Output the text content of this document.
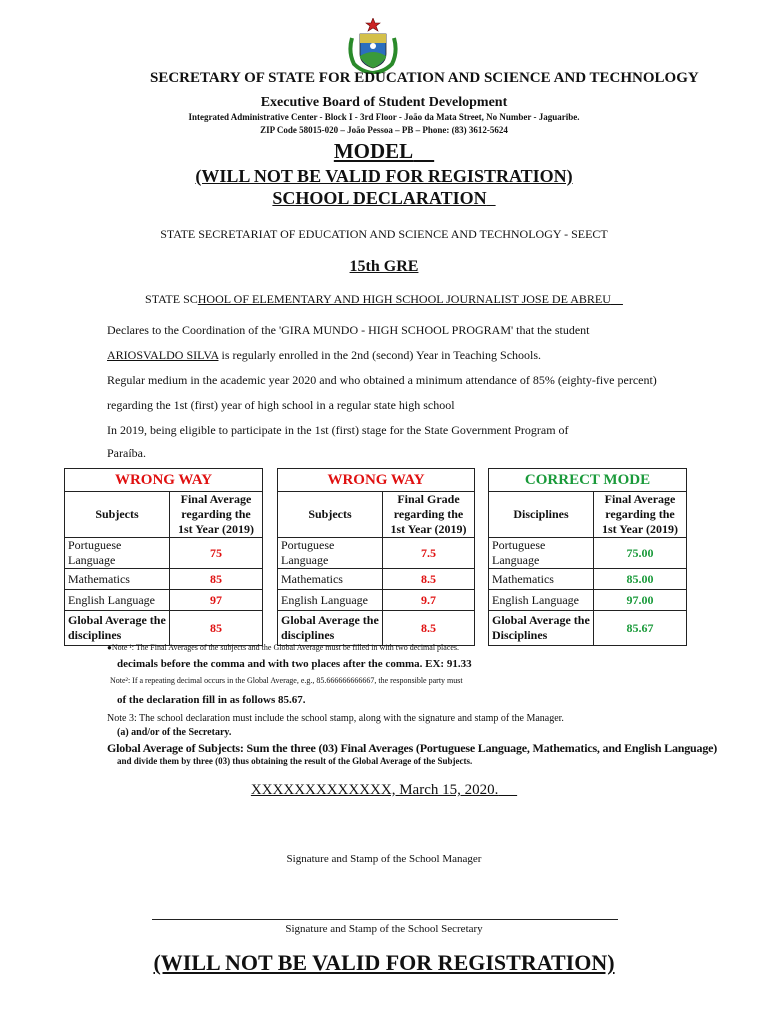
SECRETARY OF STATE FOR EDUCATION AND SCIENCE AND TECHNOLOGY
Executive Board of Student Development
Integrated Administrative Center - Block I - 3rd Floor - João da Mata Street, No Number - Jaguaribe.
ZIP Code 58015-020 – João Pessoa – PB – Phone: (83) 3612-5624
MODEL
(WILL NOT BE VALID FOR REGISTRATION)
SCHOOL DECLARATION
STATE SECRETARIAT OF EDUCATION AND SCIENCE AND TECHNOLOGY - SEECT
15th GRE
STATE SCHOOL OF ELEMENTARY AND HIGH SCHOOL JOURNALIST JOSE DE ABREU
Declares to the Coordination of the 'GIRA MUNDO - HIGH SCHOOL PROGRAM' that the student
ARIOSVALDO SILVA is regularly enrolled in the 2nd (second) Year in Teaching Schools.
Regular medium in the academic year 2020 and who obtained a minimum attendance of 85% (eighty-five percent)
regarding the 1st (first) year of high school in a regular state high school
In 2019, being eligible to participate in the 1st (first) stage for the State Government Program of
Paraíba.
WRONG WAY	
Subjects	Final Average regarding the 1st Year (2019)
Portuguese Language	75
Mathematics	85
English Language	97
Global Average the disciplines	85
WRONG WAY	
Subjects	Final Grade regarding the 1st Year (2019)
Portuguese Language	7.5
Mathematics	8.5
English Language	9.7
Global Average the disciplines	8.5
CORRECT MODE	
Disciplines	Final Average regarding the 1st Year (2019)
Portuguese Language	75.00
Mathematics	85.00
English Language	97.00
Global Average the Disciplines	85.67
●Note ¹: The Final Averages of the subjects and the Global Average must be filled in with two decimal places.
decimals before the comma and with two places after the comma. EX: 91.33
Note²: If a repeating decimal occurs in the Global Average, e.g., 85.666666666667, the responsible party must
of the declaration fill in as follows 85.67.
Note 3: The school declaration must include the school stamp, along with the signature and stamp of the Manager.
(a) and/or of the Secretary.
Global Average of Subjects: Sum the three (03) Final Averages (Portuguese Language, Mathematics, and English Language)
and divide them by three (03) thus obtaining the result of the Global Average of the Subjects.
XXXXXXXXXXXXX, March 15, 2020.
Signature and Stamp of the School Manager
Signature and Stamp of the School Secretary
(WILL NOT BE VALID FOR REGISTRATION)
